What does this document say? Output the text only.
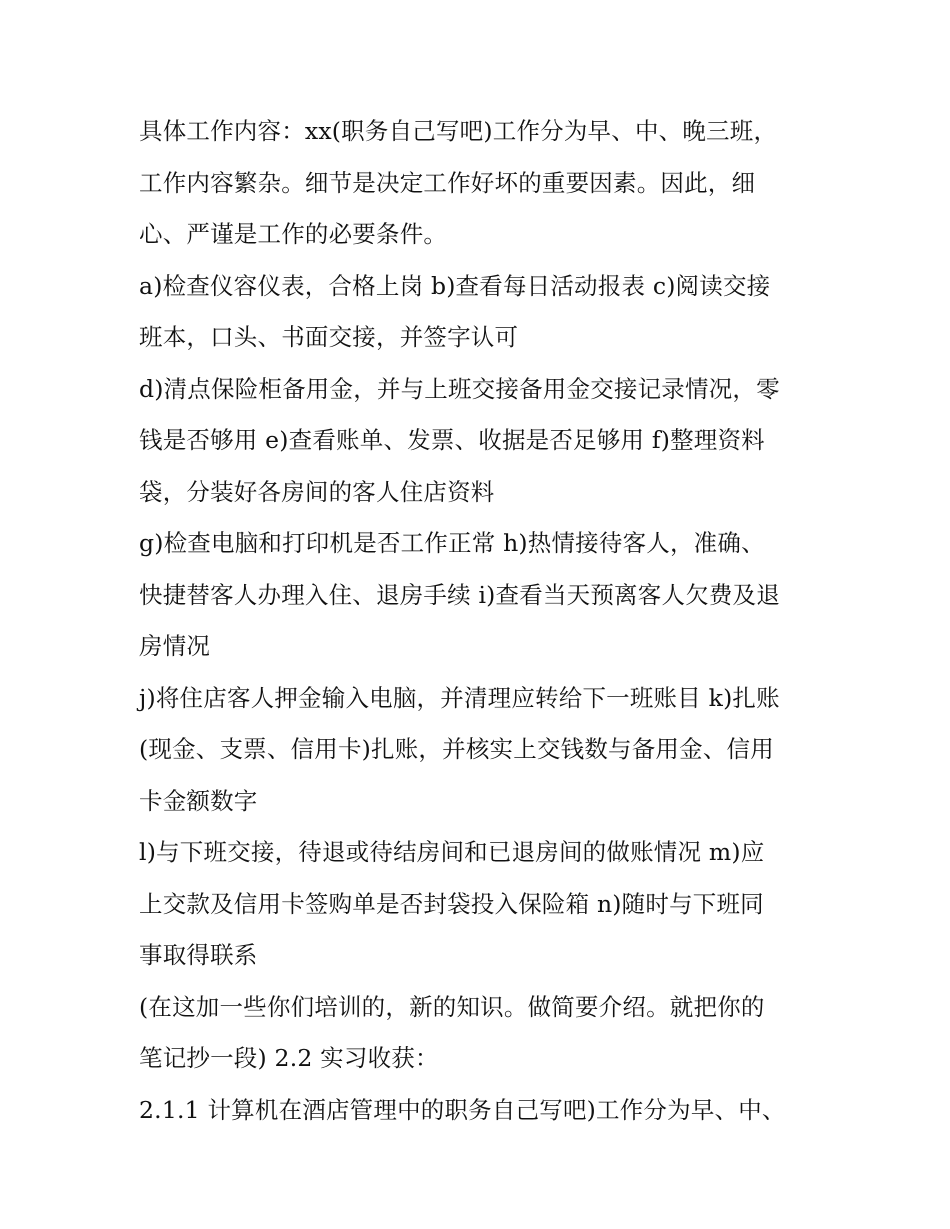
具体工作内容：xx(职务自己写吧)工作分为早、中、晚三班，
工作内容繁杂。细节是决定工作好坏的重要因素。因此，细
心、严谨是工作的必要条件。
a)检查仪容仪表，合格上岗 b)查看每日活动报表 c)阅读交接
班本，口头、书面交接，并签字认可
d)清点保险柜备用金，并与上班交接备用金交接记录情况，零
钱是否够用 e)查看账单、发票、收据是否足够用 f)整理资料
袋，分装好各房间的客人住店资料
g)检查电脑和打印机是否工作正常 h)热情接待客人，准确、
快捷替客人办理入住、退房手续 i)查看当天预离客人欠费及退
房情况
j)将住店客人押金输入电脑，并清理应转给下一班账目 k)扎账
(现金、支票、信用卡)扎账，并核实上交钱数与备用金、信用
卡金额数字
l)与下班交接，待退或待结房间和已退房间的做账情况 m)应
上交款及信用卡签购单是否封袋投入保险箱 n)随时与下班同
事取得联系
(在这加一些你们培训的，新的知识。做简要介绍。就把你的
笔记抄一段) 2.2 实习收获：
2.1.1 计算机在酒店管理中的职务自己写吧)工作分为早、中、
